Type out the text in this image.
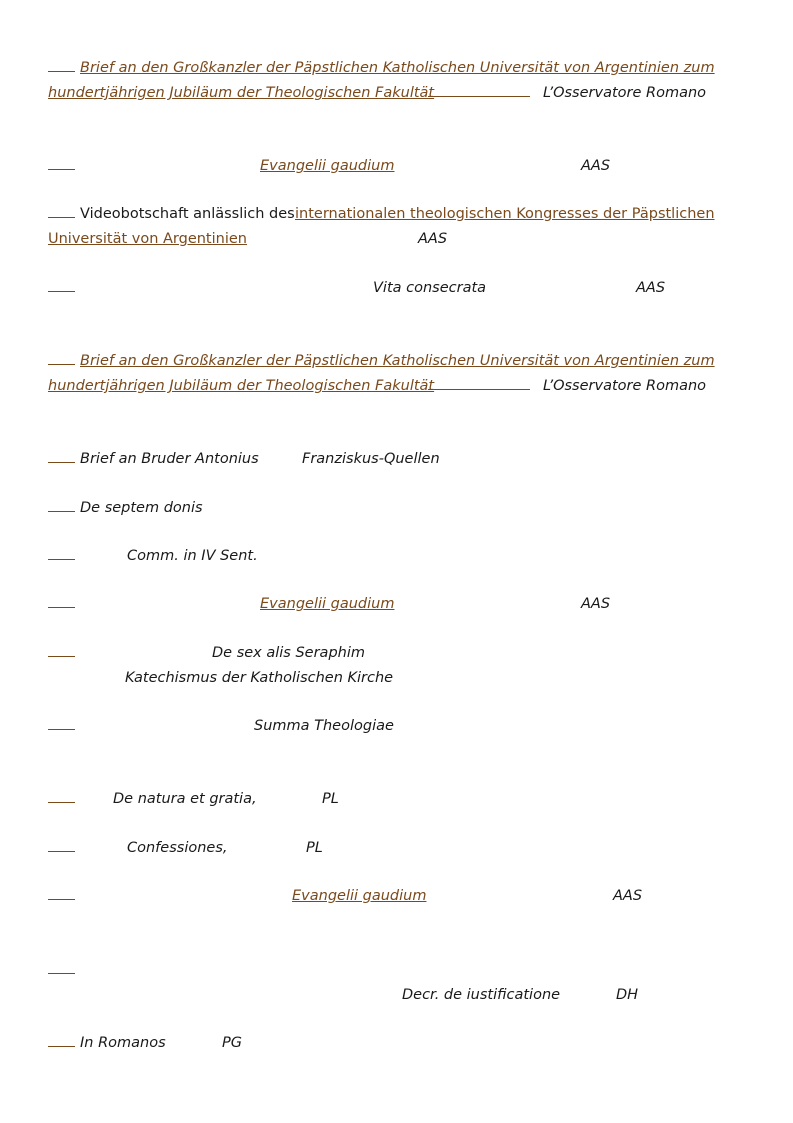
Brief an den Großkanzler der Päpstlichen Katholischen Universität von Argentinien zum
hundertjährigen Jubiläum der Theologischen Fakultät	L’Osservatore Romano
Evangelii gaudium	AAS
Videobotschaft anlässlich des internationalen theologischen Kongresses der Päpstlichen
Universität von Argentinien	AAS
Vita consecrata	AAS
Brief an den Großkanzler der Päpstlichen Katholischen Universität von Argentinien zum
hundertjährigen Jubiläum der Theologischen Fakultät	L’Osservatore Romano
Brief an Bruder Antonius	Franziskus-Quellen
De septem donis
Comm. in IV Sent.
Evangelii gaudium	AAS
De sex alis Seraphim
Katechismus der Katholischen Kirche
Summa Theologiae
De natura et gratia,	PL
Confessiones,	PL
Evangelii gaudium	AAS
Decr. de iustificatione	DH
In Romanos	PG
